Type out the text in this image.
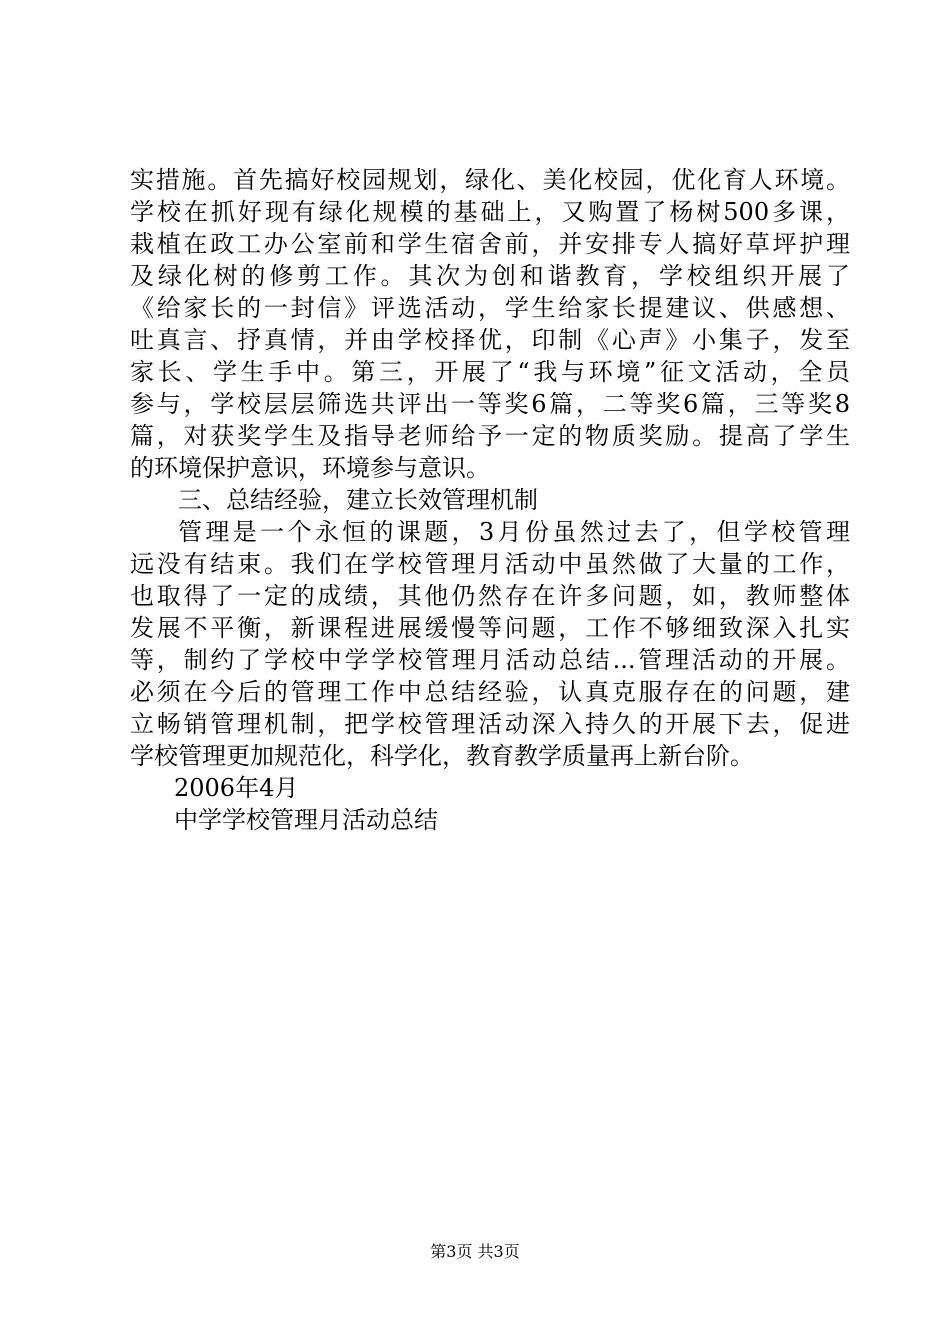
实措施。首先搞好校园规划，绿化、美化校园，优化育人环境。
学校在抓好现有绿化规模的基础上，又购置了杨树500多课，
栽植在政工办公室前和学生宿舍前，并安排专人搞好草坪护理
及绿化树的修剪工作。其次为创和谐教育，学校组织开展了
《给家长的一封信》评选活动，学生给家长提建议、供感想、
吐真言、抒真情，并由学校择优，印制《心声》小集子，发至
家长、学生手中。第三，开展了“我与环境”征文活动，全员
参与，学校层层筛选共评出一等奖6篇，二等奖6篇，三等奖8
篇，对获奖学生及指导老师给予一定的物质奖励。提高了学生
的环境保护意识，环境参与意识。
三、总结经验，建立长效管理机制
管理是一个永恒的课题，3月份虽然过去了，但学校管理
远没有结束。我们在学校管理月活动中虽然做了大量的工作，
也取得了一定的成绩，其他仍然存在许多问题，如，教师整体
发展不平衡，新课程进展缓慢等问题，工作不够细致深入扎实
等，制约了学校中学学校管理月活动总结...管理活动的开展。
必须在今后的管理工作中总结经验，认真克服存在的问题，建
立畅销管理机制，把学校管理活动深入持久的开展下去，促进
学校管理更加规范化，科学化，教育教学质量再上新台阶。
2006年4月
中学学校管理月活动总结
第3页 共3页
